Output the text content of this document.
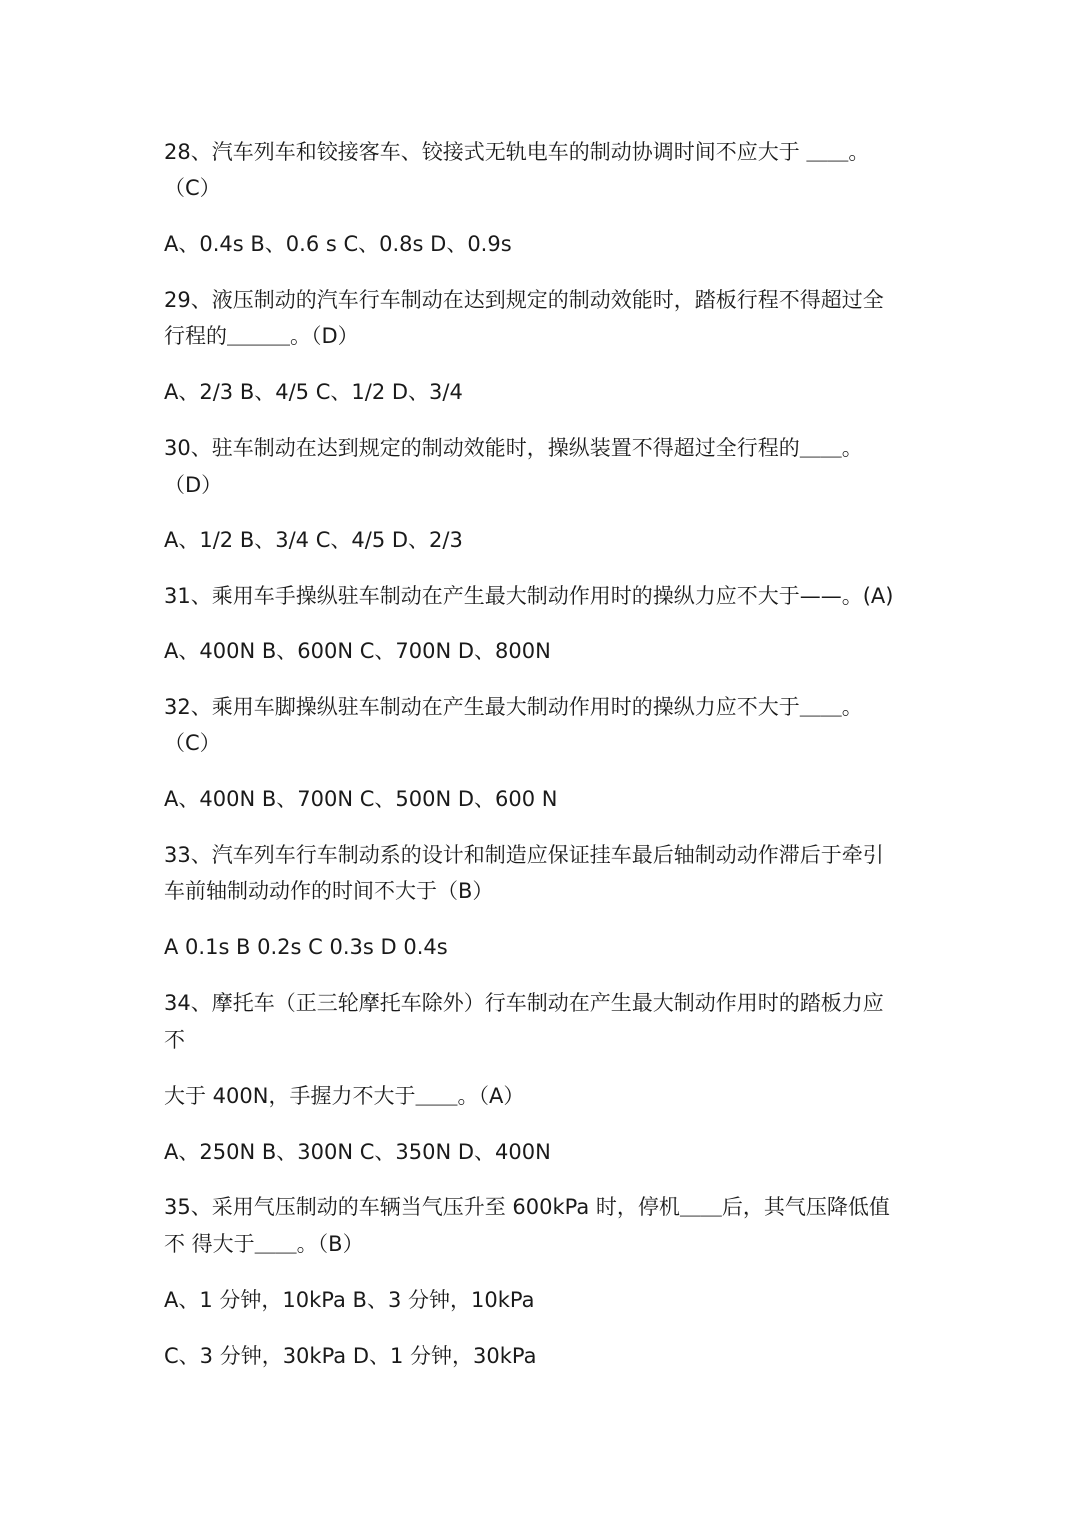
28、汽车列车和铰接客车、铰接式无轨电车的制动协调时间不应大于 ＿＿。
（C）
A、0.4s B、0.6 s C、0.8s D、0.9s
29、液压制动的汽车行车制动在达到规定的制动效能时，踏板行程不得超过全
行程的＿＿＿。（D）
A、2/3 B、4/5 C、1/2 D、3/4
30、驻车制动在达到规定的制动效能时，操纵装置不得超过全行程的＿＿。
（D）
A、1/2 B、3/4 C、4/5 D、2/3
31、乘用车手操纵驻车制动在产生最大制动作用时的操纵力应不大于——。(A)
A、400N B、600N C、700N D、800N
32、乘用车脚操纵驻车制动在产生最大制动作用时的操纵力应不大于＿＿。
（C）
A、400N B、700N C、500N D、600 N
33、汽车列车行车制动系的设计和制造应保证挂车最后轴制动动作滞后于牵引
车前轴制动动作的时间不大于（B）
A 0.1s B 0.2s C 0.3s D 0.4s
34、摩托车（正三轮摩托车除外）行车制动在产生最大制动作用时的踏板力应
不
大于 400N，手握力不大于＿＿。（A）
A、250N B、300N C、350N D、400N
35、采用气压制动的车辆当气压升至 600kPa 时，停机＿＿后，其气压降低值
不 得大于＿＿。（B）
A、1 分钟，10kPa B、3 分钟，10kPa
C、3 分钟，30kPa D、1 分钟，30kPa
